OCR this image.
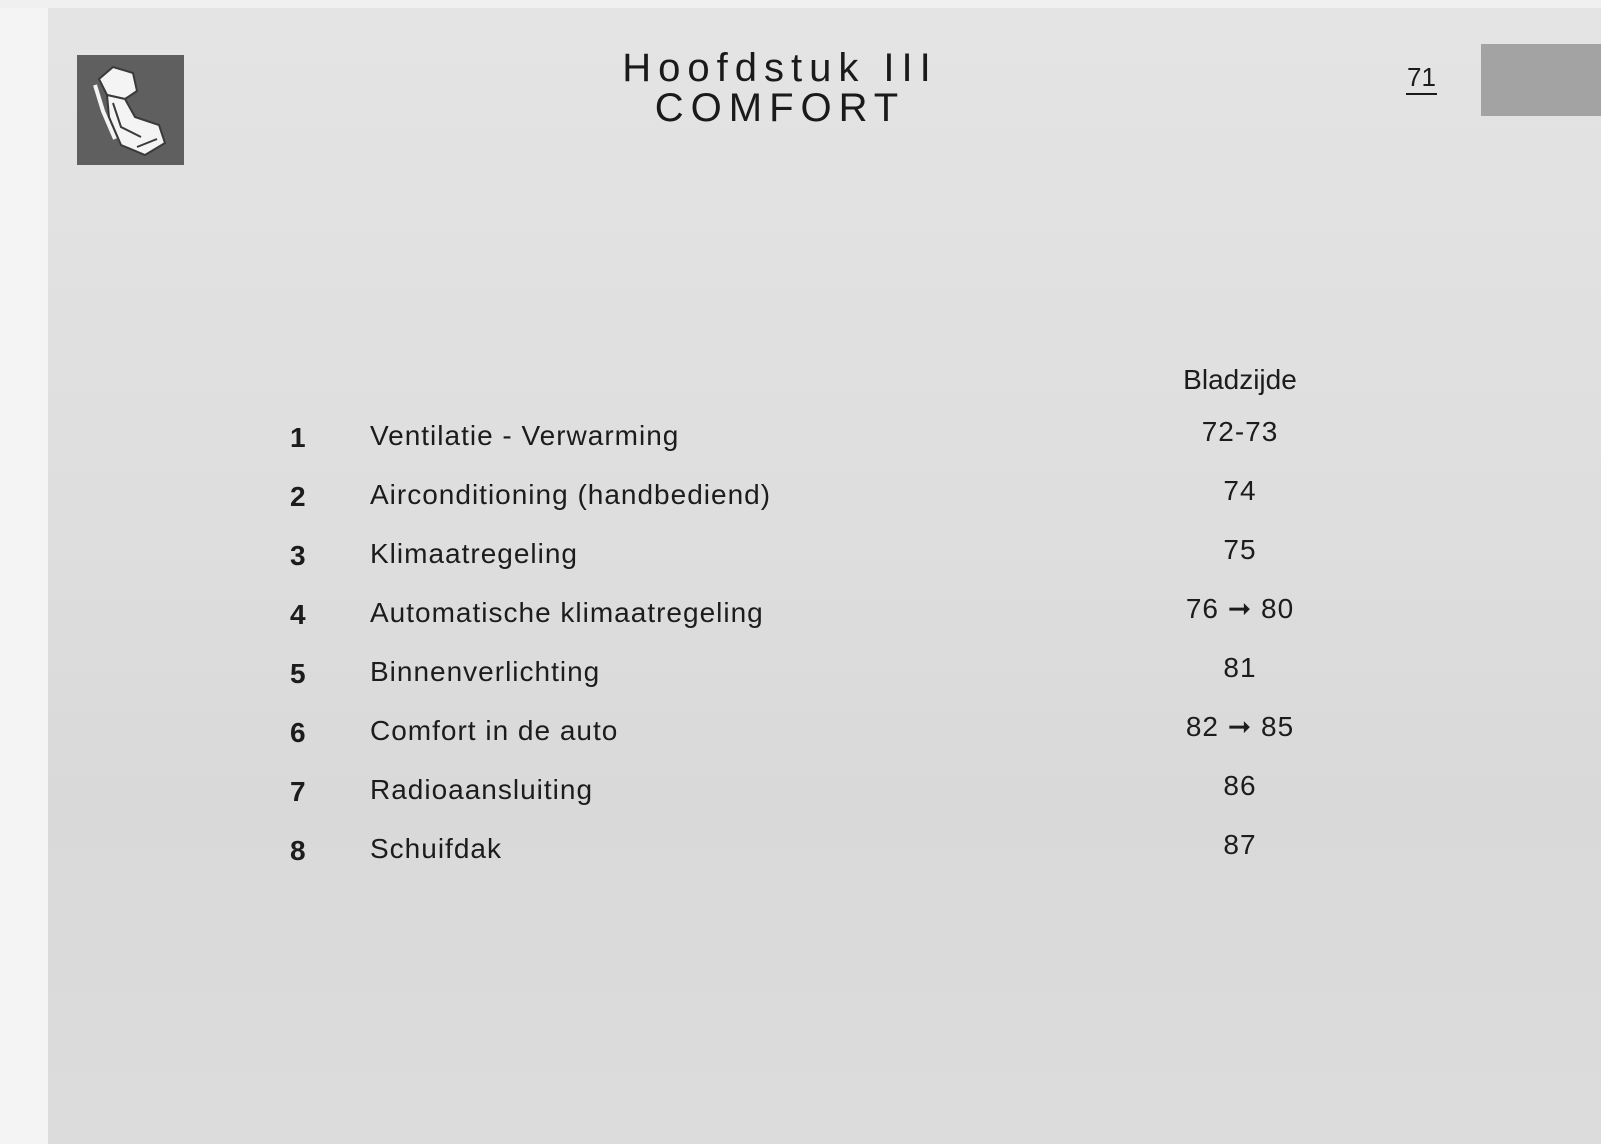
Hoofdstuk III
COMFORT
71
Bladzijde
1	Ventilatie - Verwarming	72-73
2	Airconditioning (handbediend)	74
3	Klimaatregeling	75
4	Automatische klimaatregeling	76 ➞ 80
5	Binnenverlichting	81
6	Comfort in de auto	82 ➞ 85
7	Radioaansluiting	86
8	Schuifdak	87
